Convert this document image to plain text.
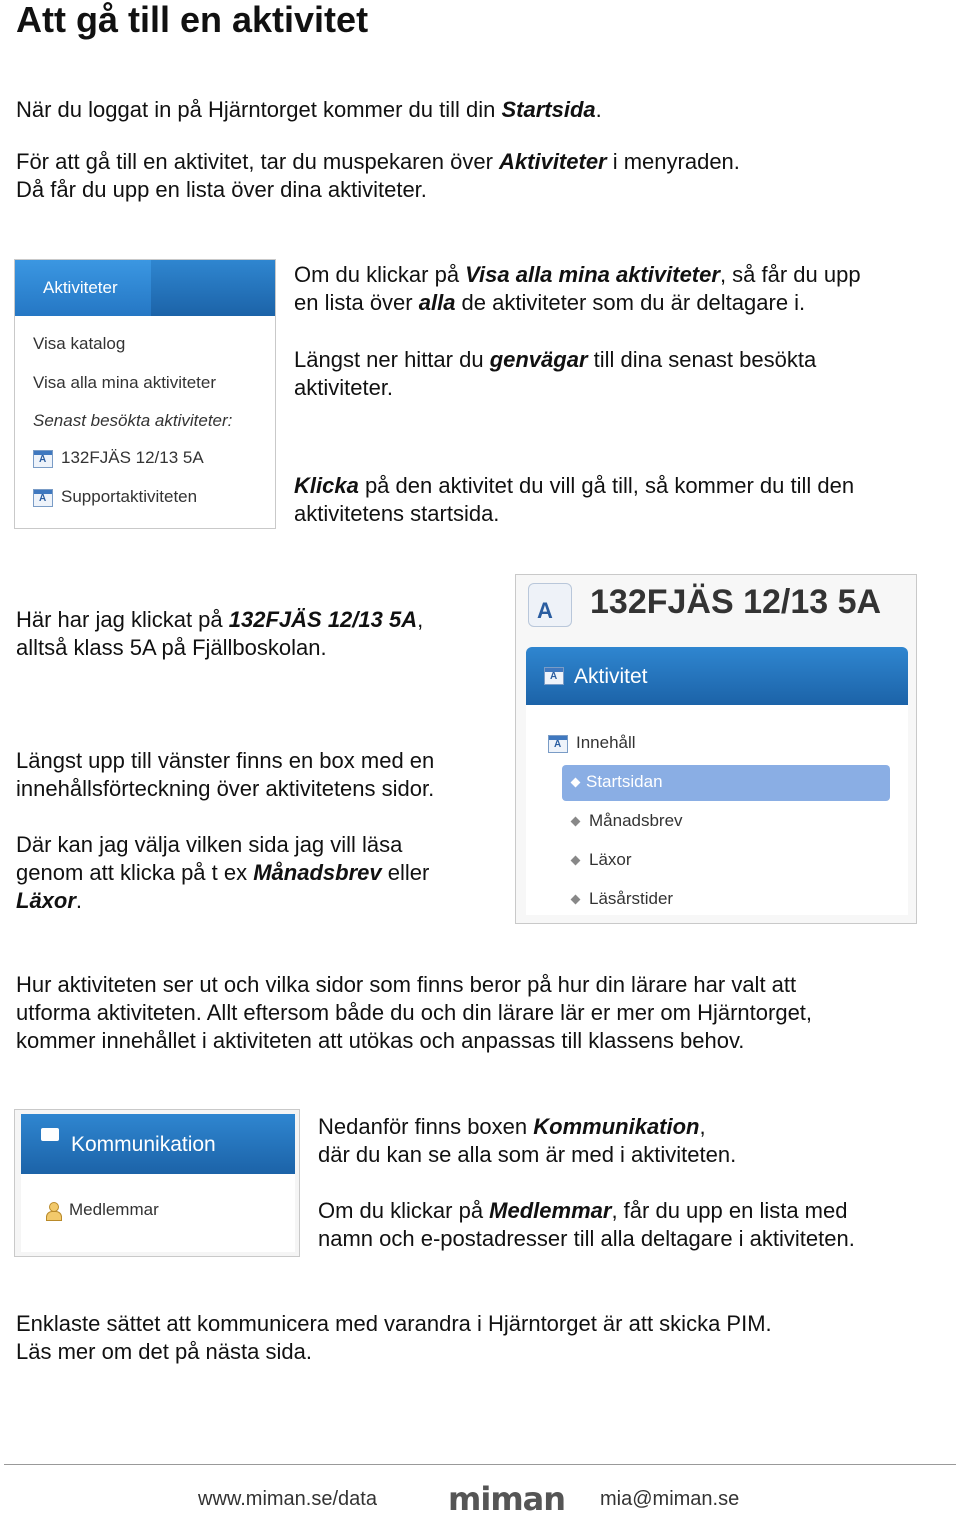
Att gå till en aktivitet

När du loggat in på Hjärntorget kommer du till din Startsida.

För att gå till en aktivitet, tar du muspekaren över Aktiviteter i menyraden.
Då får du upp en lista över dina aktiviteter.

Aktiviteter
Visa katalog
Visa alla mina aktiviteter
Senast besökta aktiviteter:
A132FJÄS 12/13 5A
ASupportaktiviteten

Om du klickar på Visa alla mina aktiviteter, så får du upp
en lista över alla de aktiviteter som du är deltagare i.

Längst ner hittar du genvägar till dina senast besökta
aktiviteter.

Klicka på den aktivitet du vill gå till, så kommer du till den
aktivitetens startsida.

Här har jag klickat på 132FJÄS 12/13 5A,
alltså klass 5A på Fjällboskolan.

A 132FJÄS 12/13 5A
A
Aktivitet
AInnehåll
Startsidan
Månadsbrev
Läxor
Läsårstider

Längst upp till vänster finns en box med en
innehållsförteckning över aktivitetens sidor.

Där kan jag välja vilken sida jag vill läsa
genom att klicka på t ex Månadsbrev eller
Läxor.

Hur aktiviteten ser ut och vilka sidor som finns beror på hur din lärare har valt att
utforma aktiviteten. Allt eftersom både du och din lärare lär er mer om Hjärntorget,
kommer innehållet i aktiviteten att utökas och anpassas till klassens behov.

Kommunikation
Medlemmar

Nedanför finns boxen Kommunikation,
där du kan se alla som är med i aktiviteten.

Om du klickar på Medlemmar, får du upp en lista med
namn och e-postadresser till alla deltagare i aktiviteten.

Enklaste sättet att kommunicera med varandra i Hjärntorget är att skicka PIM.
Läs mer om det på nästa sida.

www.miman.se/data miman mia@miman.se
